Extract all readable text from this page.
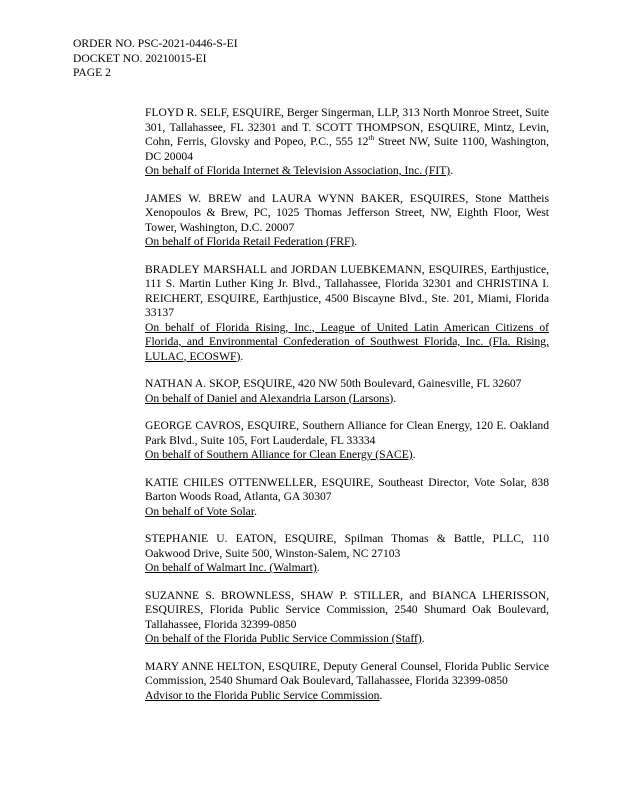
ORDER NO. PSC-2021-0446-S-EI
DOCKET NO. 20210015-EI
PAGE 2

FLOYD R. SELF, ESQUIRE, Berger Singerman, LLP, 313 North Monroe Street, Suite 301, Tallahassee, FL 32301 and T. SCOTT THOMPSON, ESQUIRE, Mintz, Levin, Cohn, Ferris, Glovsky and Popeo, P.C., 555 12th Street NW, Suite 1100, Washington, DC 20004

On behalf of Florida Internet & Television Association, Inc. (FIT).

JAMES W. BREW and LAURA WYNN BAKER, ESQUIRES, Stone Mattheis Xenopoulos & Brew, PC, 1025 Thomas Jefferson Street, NW, Eighth Floor, West Tower, Washington, D.C. 20007

On behalf of Florida Retail Federation (FRF).

BRADLEY MARSHALL and JORDAN LUEBKEMANN, ESQUIRES, Earthjustice, 111 S. Martin Luther King Jr. Blvd., Tallahassee, Florida 32301 and CHRISTINA I. REICHERT, ESQUIRE, Earthjustice, 4500 Biscayne Blvd., Ste. 201, Miami, Florida 33137

On behalf of Florida Rising, Inc., League of United Latin American Citizens of Florida, and Environmental Confederation of Southwest Florida, Inc. (Fla. Rising, LULAC, ECOSWF).

NATHAN A. SKOP, ESQUIRE, 420 NW 50th Boulevard, Gainesville, FL 32607

On behalf of Daniel and Alexandria Larson (Larsons).

GEORGE CAVROS, ESQUIRE, Southern Alliance for Clean Energy, 120 E. Oakland Park Blvd., Suite 105, Fort Lauderdale, FL 33334

On behalf of Southern Alliance for Clean Energy (SACE).

KATIE CHILES OTTENWELLER, ESQUIRE, Southeast Director, Vote Solar, 838 Barton Woods Road, Atlanta, GA 30307

On behalf of Vote Solar.

STEPHANIE U. EATON, ESQUIRE, Spilman Thomas & Battle, PLLC, 110 Oakwood Drive, Suite 500, Winston-Salem, NC 27103

On behalf of Walmart Inc. (Walmart).

SUZANNE S. BROWNLESS, SHAW P. STILLER, and BIANCA LHERISSON, ESQUIRES, Florida Public Service Commission, 2540 Shumard Oak Boulevard, Tallahassee, Florida 32399-0850

On behalf of the Florida Public Service Commission (Staff).

MARY ANNE HELTON, ESQUIRE, Deputy General Counsel, Florida Public Service Commission, 2540 Shumard Oak Boulevard, Tallahassee, Florida 32399-0850

Advisor to the Florida Public Service Commission.
